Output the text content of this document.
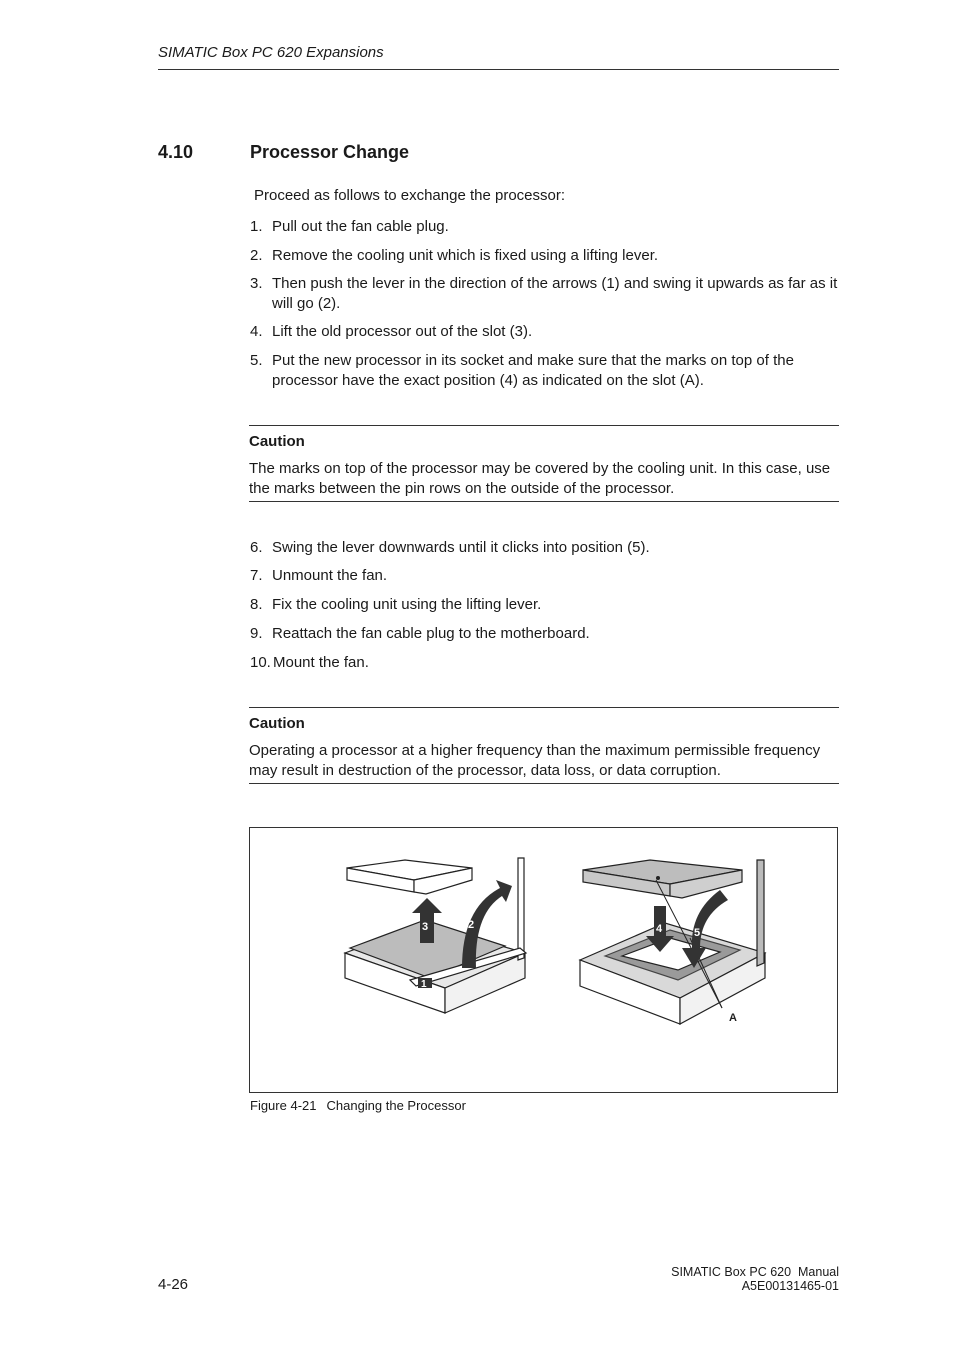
SIMATIC Box PC 620 Expansions
4.10	Processor Change
Proceed as follows to exchange the processor:
1. Pull out the fan cable plug.
2. Remove the cooling unit which is fixed using a lifting lever.
3. Then push the lever in the direction of the arrows (1) and swing it upwards as far as it will go (2).
4. Lift the old processor out of the slot (3).
5. Put the new processor in its socket and make sure that the marks on top of the processor have the exact position (4) as indicated on the slot (A).
Caution
The marks on top of the processor may be covered by the cooling unit. In this case, use the marks between the pin rows on the outside of the processor.
6. Swing the lever downwards until it clicks into position (5).
7. Unmount the fan.
8. Fix the cooling unit using the lifting lever.
9. Reattach the fan cable plug to the motherboard.
10. Mount the fan.
Caution
Operating a processor at a higher frequency than the maximum permissible frequency may result in destruction of the processor, data loss, or data corruption.
3	2
1
4	5
A
Figure 4-21 Changing the Processor
4-26
SIMATIC Box PC 620  Manual
A5E00131465-01
